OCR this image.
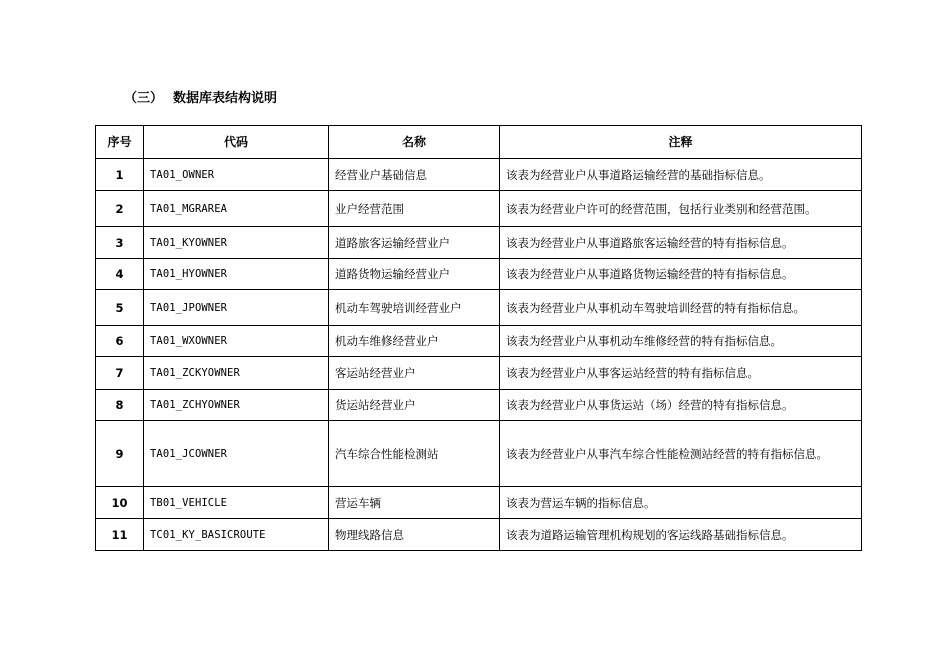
（三） 数据库表结构说明
序号	代码	名称	注释
1	TA01_OWNER	经营业户基础信息	该表为经营业户从事道路运输经营的基础指标信息。
2	TA01_MGRAREA	业户经营范围	该表为经营业户许可的经营范围，包括行业类别和经营范围。
3	TA01_KYOWNER	道路旅客运输经营业户	该表为经营业户从事道路旅客运输经营的特有指标信息。
4	TA01_HYOWNER	道路货物运输经营业户	该表为经营业户从事道路货物运输经营的特有指标信息。
5	TA01_JPOWNER	机动车驾驶培训经营业户	该表为经营业户从事机动车驾驶培训经营的特有指标信息。
6	TA01_WXOWNER	机动车维修经营业户	该表为经营业户从事机动车维修经营的特有指标信息。
7	TA01_ZCKYOWNER	客运站经营业户	该表为经营业户从事客运站经营的特有指标信息。
8	TA01_ZCHYOWNER	货运站经营业户	该表为经营业户从事货运站（场）经营的特有指标信息。
9	TA01_JCOWNER	汽车综合性能检测站	该表为经营业户从事汽车综合性能检测站经营的特有指标信息。
10	TB01_VEHICLE	营运车辆	该表为营运车辆的指标信息。
11	TC01_KY_BASICROUTE	物理线路信息	该表为道路运输管理机构规划的客运线路基础指标信息。
